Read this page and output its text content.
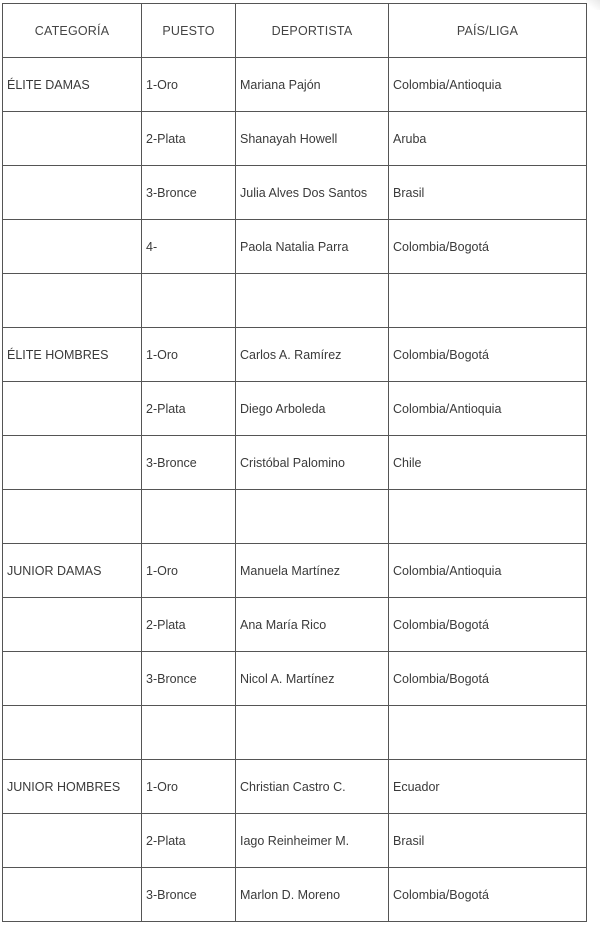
CATEGORÍA	PUESTO	DEPORTISTA	PAÍS/LIGA
ÉLITE DAMAS	1-Oro	Mariana Pajón	Colombia/Antioquia
	2-Plata	Shanayah Howell	Aruba
	3-Bronce	Julia Alves Dos Santos	Brasil
	4-	Paola Natalia Parra	Colombia/Bogotá

ÉLITE HOMBRES	1-Oro	Carlos A. Ramírez	Colombia/Bogotá
	2-Plata	Diego Arboleda	Colombia/Antioquia
	3-Bronce	Cristóbal Palomino	Chile

JUNIOR DAMAS	1-Oro	Manuela Martínez	Colombia/Antioquia
	2-Plata	Ana María Rico	Colombia/Bogotá
	3-Bronce	Nicol A. Martínez	Colombia/Bogotá

JUNIOR HOMBRES	1-Oro	Christian Castro C.	Ecuador
	2-Plata	Iago Reinheimer M.	Brasil
	3-Bronce	Marlon D. Moreno	Colombia/Bogotá
